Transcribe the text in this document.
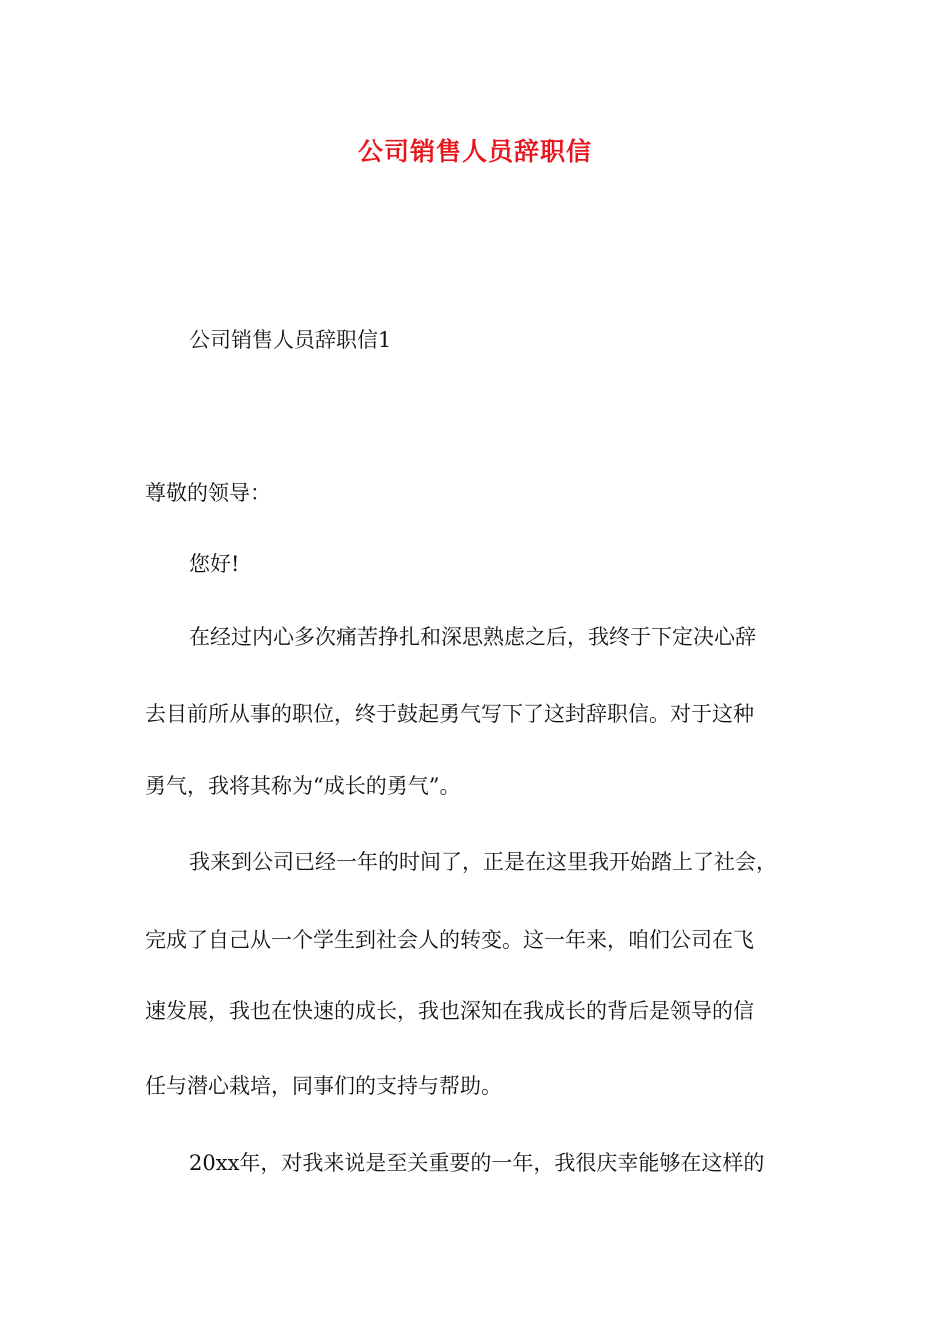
公司销售人员辞职信
公司销售人员辞职信1
尊敬的领导：
您好!
在经过内心多次痛苦挣扎和深思熟虑之后，我终于下定决心辞
去目前所从事的职位，终于鼓起勇气写下了这封辞职信。对于这种
勇气，我将其称为“成长的勇气”。
我来到公司已经一年的时间了，正是在这里我开始踏上了社会，
完成了自己从一个学生到社会人的转变。这一年来，咱们公司在飞
速发展，我也在快速的成长，我也深知在我成长的背后是领导的信
任与潜心栽培，同事们的支持与帮助。
20xx年，对我来说是至关重要的一年，我很庆幸能够在这样的
